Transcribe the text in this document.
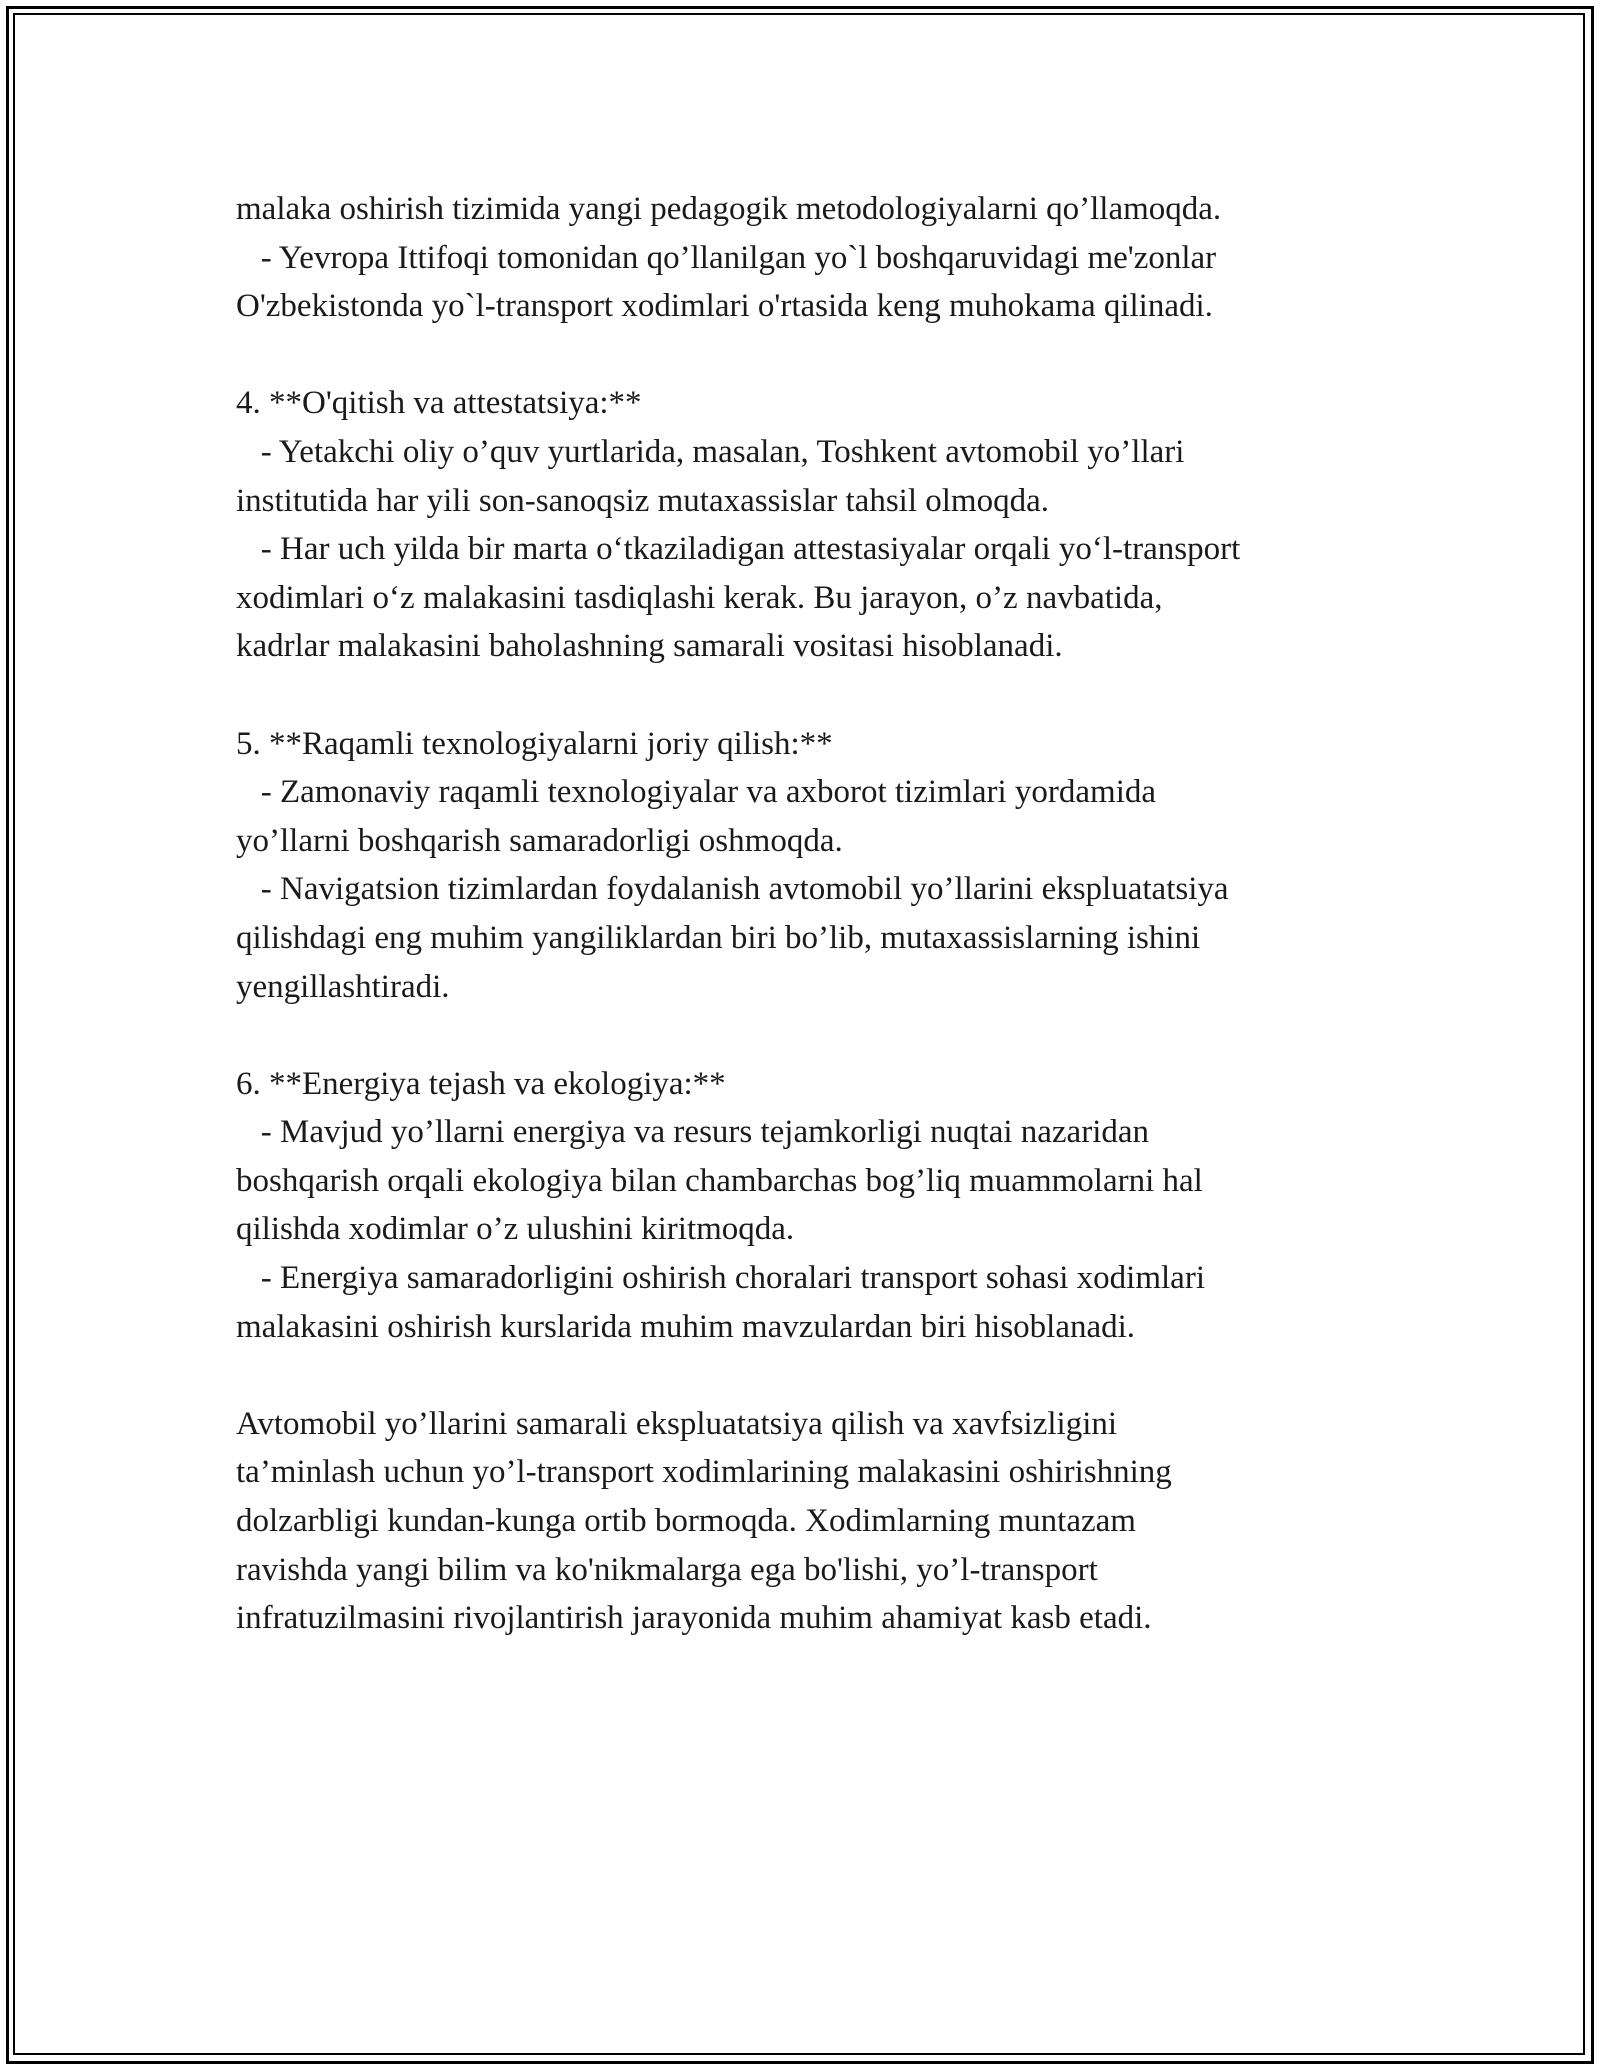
malaka oshirish tizimida yangi pedagogik metodologiyalarni qo’llamoqda.
- Yevropa Ittifoqi tomonidan qo’llanilgan yo`l boshqaruvidagi me'zonlar
O'zbekistonda yo`l-transport xodimlari o'rtasida keng muhokama qilinadi.
4. **O'qitish va attestatsiya:**
- Yetakchi oliy o’quv yurtlarida, masalan, Toshkent avtomobil yo’llari
institutida har yili son-sanoqsiz mutaxassislar tahsil olmoqda.
- Har uch yilda bir marta o‘tkaziladigan attestasiyalar orqali yo‘l-transport
xodimlari o‘z malakasini tasdiqlashi kerak. Bu jarayon, o’z navbatida,
kadrlar malakasini baholashning samarali vositasi hisoblanadi.
5. **Raqamli texnologiyalarni joriy qilish:**
- Zamonaviy raqamli texnologiyalar va axborot tizimlari yordamida
yo’llarni boshqarish samaradorligi oshmoqda.
- Navigatsion tizimlardan foydalanish avtomobil yo’llarini ekspluatatsiya
qilishdagi eng muhim yangiliklardan biri bo’lib, mutaxassislarning ishini
yengillashtiradi.
6. **Energiya tejash va ekologiya:**
- Mavjud yo’llarni energiya va resurs tejamkorligi nuqtai nazaridan
boshqarish orqali ekologiya bilan chambarchas bog’liq muammolarni hal
qilishda xodimlar o’z ulushini kiritmoqda.
- Energiya samaradorligini oshirish choralari transport sohasi xodimlari
malakasini oshirish kurslarida muhim mavzulardan biri hisoblanadi.
Avtomobil yo’llarini samarali ekspluatatsiya qilish va xavfsizligini
ta’minlash uchun yo’l-transport xodimlarining malakasini oshirishning
dolzarbligi kundan-kunga ortib bormoqda. Xodimlarning muntazam
ravishda yangi bilim va ko'nikmalarga ega bo'lishi, yo’l-transport
infratuzilmasini rivojlantirish jarayonida muhim ahamiyat kasb etadi.
